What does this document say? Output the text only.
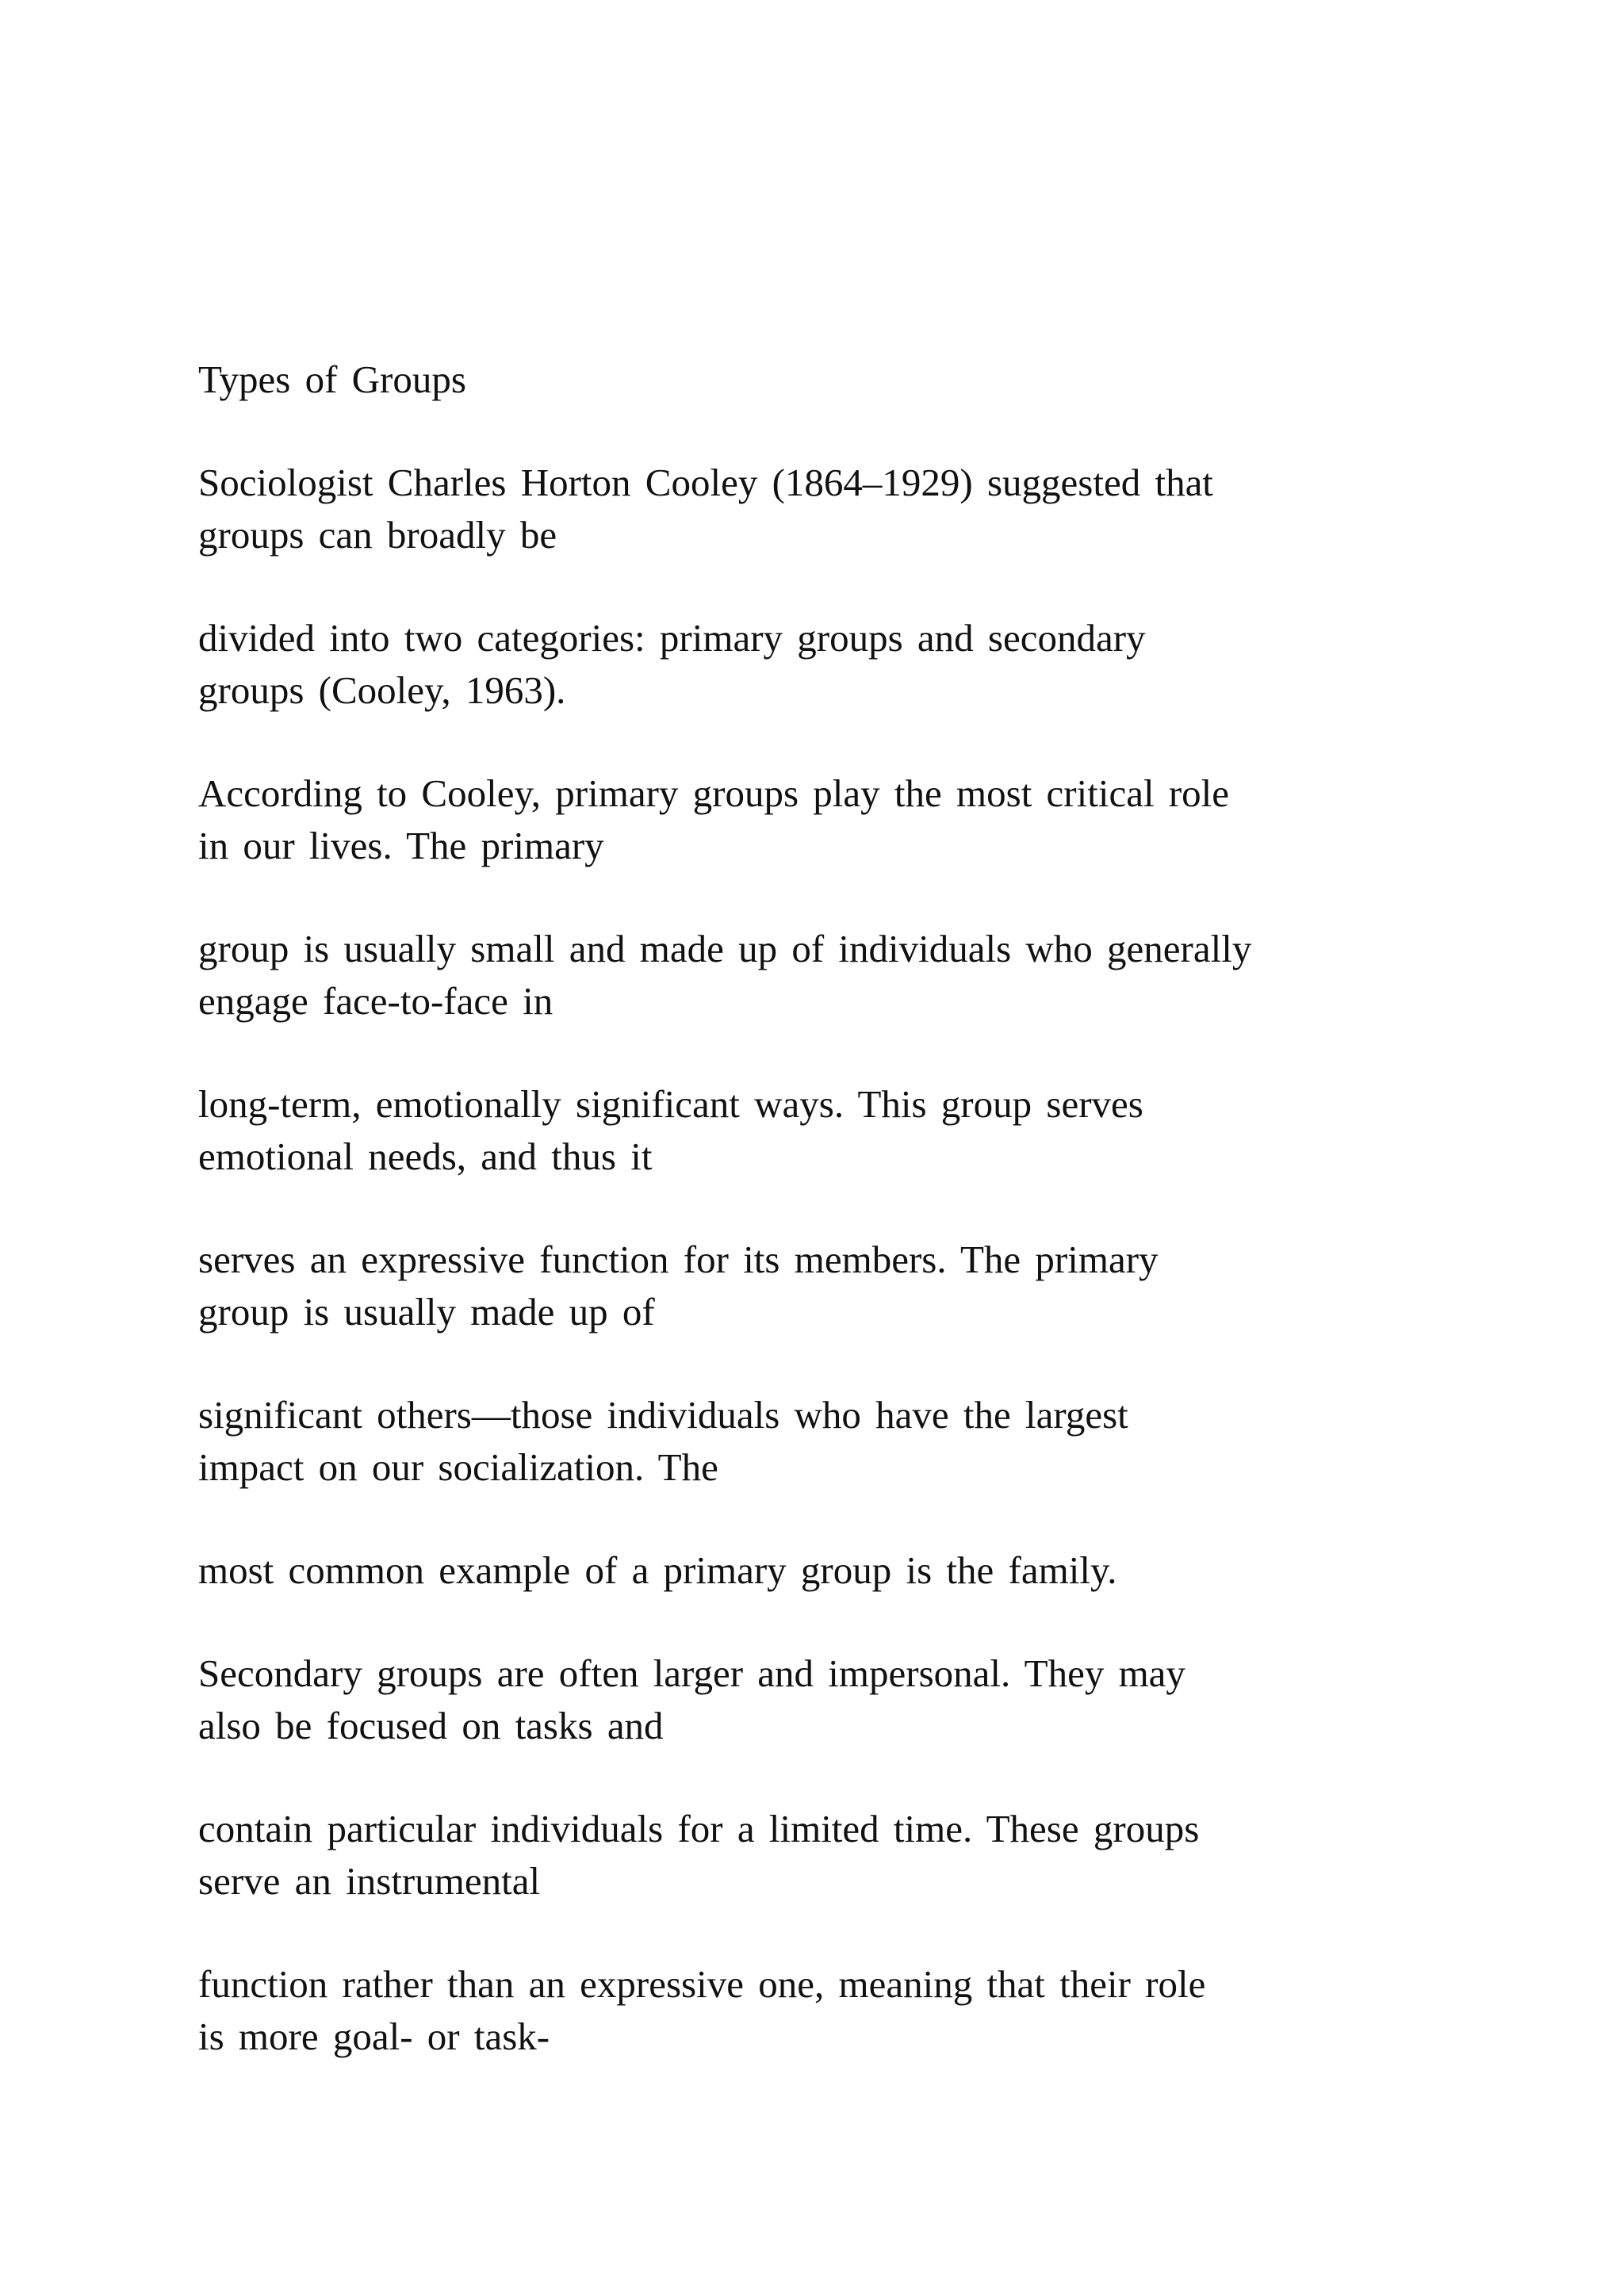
Types of Groups
Sociologist Charles Horton Cooley (1864–1929) suggested that
groups can broadly be
divided into two categories: primary groups and secondary
groups (Cooley, 1963).
According to Cooley, primary groups play the most critical role
in our lives. The primary
group is usually small and made up of individuals who generally
engage face-to-face in
long-term, emotionally significant ways. This group serves
emotional needs, and thus it
serves an expressive function for its members. The primary
group is usually made up of
significant others—those individuals who have the largest
impact on our socialization. The
most common example of a primary group is the family.
Secondary groups are often larger and impersonal. They may
also be focused on tasks and
contain particular individuals for a limited time. These groups
serve an instrumental
function rather than an expressive one, meaning that their role
is more goal- or task-
